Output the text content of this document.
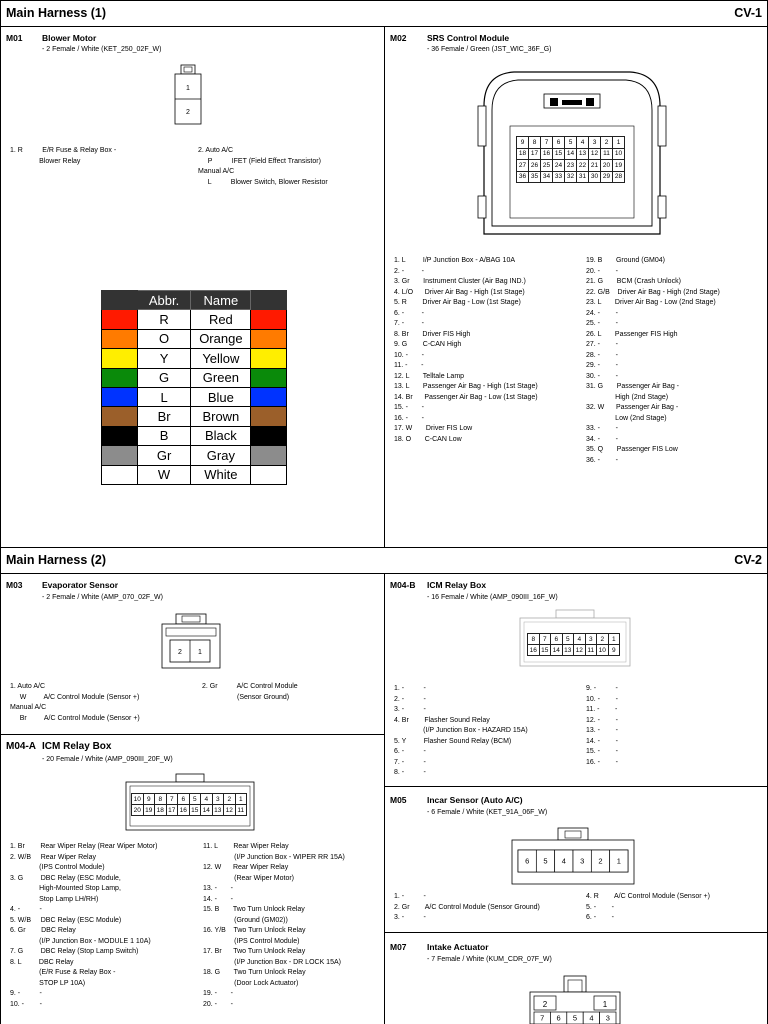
Main Harness (1)	CV-1
Main Harness (2)	CV-2
M01 Blower Motor
- 2 Female / White (KET_250_02F_W)
1
2
1. R          E/R Fuse & Relay Box -
Blower Relay
2. Auto A/C
P          IFET (Field Effect Transistor)
Manual A/C
L          Blower Switch, Blower Resistor
	Abbr.	Name	
	R	Red	
	O	Orange	
	Y	Yellow	
	G	Green	
	L	Blue	
	Br	Brown	
	B	Black	
	Gr	Gray	
	W	White	
M02 SRS Control Module
- 36 Female / Green (JST_WIC_36F_G)
9	8	7	6	5	4	3	2	1
18	17	16	15	14	13	12	11	10
27	26	25	24	23	22	21	20	19
36	35	34	33	32	31	30	29	28
1. L         I/P Junction Box - A/BAG 10A
2. -         -
3. Gr       Instrument Cluster (Air Bag IND.)
4. L/O      Driver Air Bag - High (1st Stage)
5. R        Driver Air Bag - Low (1st Stage)
6. -         -
7. -         -
8. Br       Driver FIS High
9. G        C-CAN High
10. -       -
11. -       -
12. L       Telltale Lamp
13. L       Passenger Air Bag - High (1st Stage)
14. Br      Passenger Air Bag - Low (1st Stage)
15. -       -
16. -       -
17. W       Driver FIS Low
18. O       C-CAN Low
19. B       Ground (GM04)
20. -        -
21. G       BCM (Crash Unlock)
22. G/B    Driver Air Bag - High (2nd Stage)
23. L       Driver Air Bag - Low (2nd Stage)
24. -        -
25. -        -
26. L       Passenger FIS High
27. -        -
28. -        -
29. -        -
30. -        -
31. G       Passenger Air Bag -
High (2nd Stage)
32. W      Passenger Air Bag -
Low (2nd Stage)
33. -        -
34. -        -
35. Q       Passenger FIS Low
36. -        -
M03 Evaporator Sensor
- 2 Female / White (AMP_070_02F_W)
2 1
1. Auto A/C
W         A/C Control Module (Sensor +)
Manual A/C
Br         A/C Control Module (Sensor +)
2. Gr          A/C Control Module
(Sensor Ground)
M04-A ICM Relay Box
- 20 Female / White (AMP_090III_20F_W)
10	9	8	7	6	5	4	3	2	1
20	19	18	17	16	15	14	13	12	11
1. Br        Rear Wiper Relay (Rear Wiper Motor)
2. W/B     Rear Wiper Relay
(IPS Control Module)
3. G         DBC Relay (ESC Module,
High-Mounted Stop Lamp,
Stop Lamp LH/RH)
4. -          -
5. W/B     DBC Relay (ESC Module)
6. Gr        DBC Relay
(I/P Junction Box - MODULE 1 10A)
7. G         DBC Relay (Stop Lamp Switch)
8. L         DBC Relay
(E/R Fuse & Relay Box -
STOP LP 10A)
9. -          -
10. -        -
11. L        Rear Wiper Relay
(I/P Junction Box - WIPER RR 15A)
12. W      Rear Wiper Relay
(Rear Wiper Motor)
13. -       -
14. -       -
15. B       Two Turn Unlock Relay
(Ground (GM02))
16. Y/B    Two Turn Unlock Relay
(IPS Control Module)
17. Br      Two Turn Unlock Relay
(I/P Junction Box - DR LOCK 15A)
18. G       Two Turn Unlock Relay
(Door Lock Actuator)
19. -       -
20. -       -
M04-B ICM Relay Box
- 16 Female / White (AMP_090III_16F_W)
8	7	6	5	4	3	2	1
16	15	14	13	12	11	10	9
1. -          -
2. -          -
3. -          -
4. Br        Flasher Sound Relay
(I/P Junction Box - HAZARD 15A)
5. Y         Flasher Sound Relay (BCM)
6. -          -
7. -          -
8. -          -
9. -          -
10. -        -
11. -        -
12. -        -
13. -        -
14. -        -
15. -        -
16. -        -
M05 Incar Sensor (Auto A/C)
- 6 Female / White (KET_91A_06F_W)
6 5 4 3 2 1
1. -          -
2. Gr        A/C Control Module (Sensor Ground)
3. -          -
4. R        A/C Control Module (Sensor +)
5. -        -
6. -        -
M07 Intake Actuator
- 7 Female / White (KUM_CDR_07F_W)
2	1
7 6 5 4 3
